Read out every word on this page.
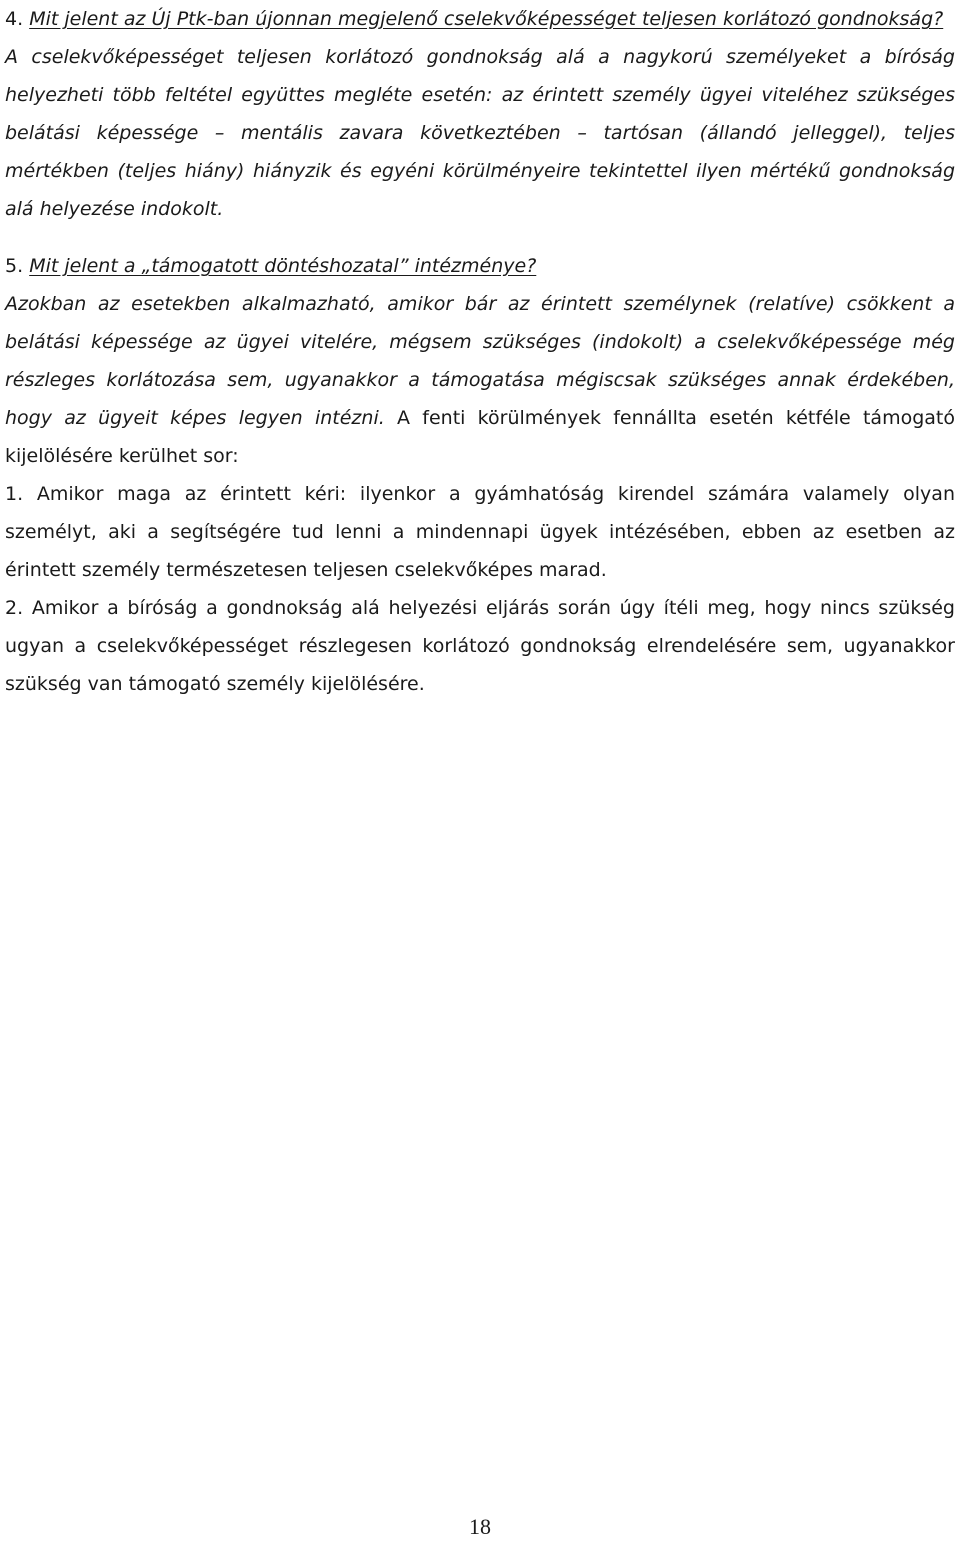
4. Mit jelent az Új Ptk-ban újonnan megjelenő cselekvőképességet teljesen korlátozó gondnokság?
A cselekvőképességet teljesen korlátozó gondnokság alá a nagykorú személyeket a bíróság helyezheti több feltétel együttes megléte esetén: az érintett személy ügyei viteléhez szükséges belátási képessége – mentális zavara következtében – tartósan (állandó jelleggel), teljes mértékben (teljes hiány) hiányzik és egyéni körülményeire tekintettel ilyen mértékű gondnokság alá helyezése indokolt.
5. Mit jelent a „támogatott döntéshozatal” intézménye?
Azokban az esetekben alkalmazható, amikor bár az érintett személynek (relatíve) csökkent a belátási képessége az ügyei vitelére, mégsem szükséges (indokolt) a cselekvőképessége még részleges korlátozása sem, ugyanakkor a támogatása mégiscsak szükséges annak érdekében, hogy az ügyeit képes legyen intézni. A fenti körülmények fennállta esetén kétféle támogató kijelölésére kerülhet sor:
1. Amikor maga az érintett kéri: ilyenkor a gyámhatóság kirendel számára valamely olyan személyt, aki a segítségére tud lenni a mindennapi ügyek intézésében, ebben az esetben az érintett személy természetesen teljesen cselekvőképes marad.
2. Amikor a bíróság a gondnokság alá helyezési eljárás során úgy ítéli meg, hogy nincs szükség ugyan a cselekvőképességet részlegesen korlátozó gondnokság elrendelésére sem, ugyanakkor szükség van támogató személy kijelölésére.
18
